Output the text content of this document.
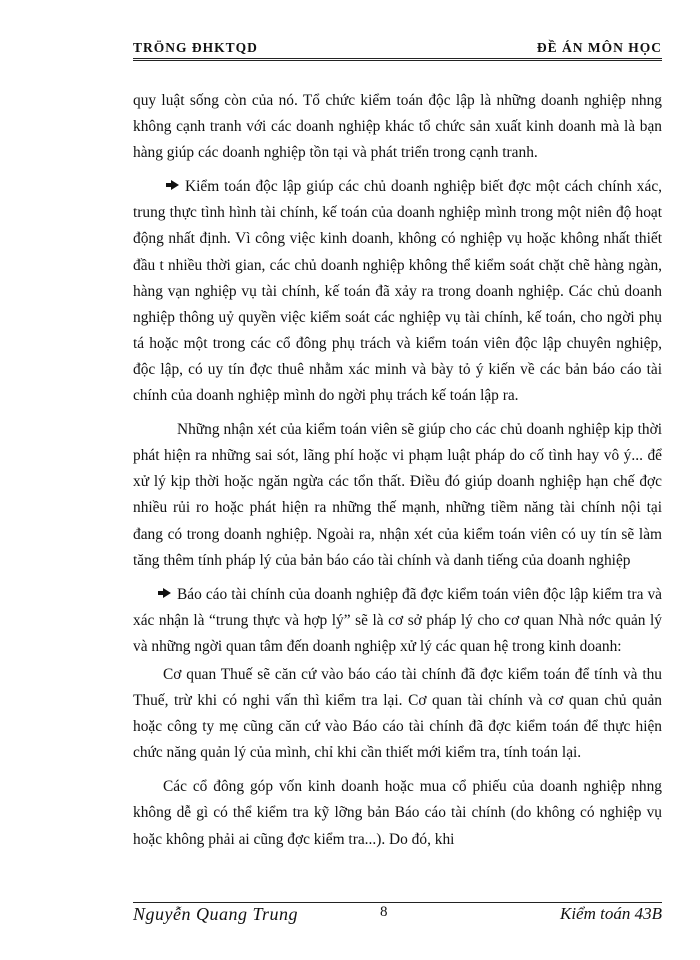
TRÖNG ĐHKTQD	ĐỀ ÁN MÔN HỌC

quy luật sống còn của nó. Tổ chức kiểm toán độc lập là những doanh nghiệp nhng không cạnh tranh với các doanh nghiệp khác tổ chức sản xuất kinh doanh mà là bạn hàng giúp các doanh nghiệp tồn tại và phát triển trong cạnh tranh.

Kiểm toán độc lập giúp các chủ doanh nghiệp biết đợc một cách chính xác, trung thực tình hình tài chính, kế toán của doanh nghiệp mình trong một niên độ hoạt động nhất định. Vì công việc kinh doanh, không có nghiệp vụ hoặc không nhất thiết đầu t nhiều thời gian, các chủ doanh nghiệp không thể kiểm soát chặt chẽ hàng ngàn, hàng vạn nghiệp vụ tài chính, kế toán đã xảy ra trong doanh nghiệp. Các chủ doanh nghiệp thông uỷ quyền việc kiểm soát các nghiệp vụ tài chính, kế toán, cho ngời phụ tá hoặc một trong các cổ đông phụ trách và kiểm toán viên độc lập chuyên nghiệp, độc lập, có uy tín đợc thuê nhằm xác minh và bày tỏ ý kiến về các bản báo cáo tài chính của doanh nghiệp mình do ngời phụ trách kế toán lập ra.

Những nhận xét của kiểm toán viên sẽ giúp cho các chủ doanh nghiệp kịp thời phát hiện ra những sai sót, lãng phí hoặc vi phạm luật pháp do cố tình hay vô ý... để xử lý kịp thời hoặc ngăn ngừa các tổn thất. Điều đó giúp doanh nghiệp hạn chế đợc nhiều rủi ro hoặc phát hiện ra những thế mạnh, những tiềm năng tài chính nội tại đang có trong doanh nghiệp. Ngoài ra, nhận xét của kiểm toán viên có uy tín sẽ làm tăng thêm tính pháp lý của bản báo cáo tài chính và danh tiếng của doanh nghiệp

Báo cáo tài chính của doanh nghiệp đã đợc kiểm toán viên độc lập kiểm tra và xác nhận là “trung thực và hợp lý” sẽ là cơ sở pháp lý cho cơ quan Nhà nớc quản lý và những ngời quan tâm đến doanh nghiệp xử lý các quan hệ trong kinh doanh:

Cơ quan Thuế sẽ căn cứ vào báo cáo tài chính đã đợc kiểm toán để tính và thu Thuế, trừ khi có nghi vấn thì kiểm tra lại. Cơ quan tài chính và cơ quan chủ quản hoặc công ty mẹ cũng căn cứ vào Báo cáo tài chính đã đợc kiểm toán để thực hiện chức năng quản lý của mình, chỉ khi cần thiết mới kiểm tra, tính toán lại.

Các cổ đông góp vốn kinh doanh hoặc mua cổ phiếu của doanh nghiệp nhng không dễ gì có thể kiểm tra kỹ lỡng bản Báo cáo tài chính (do không có nghiệp vụ hoặc không phải ai cũng đợc kiểm tra...). Do đó, khi

Nguyễn Quang Trung	8	Kiểm toán 43B
